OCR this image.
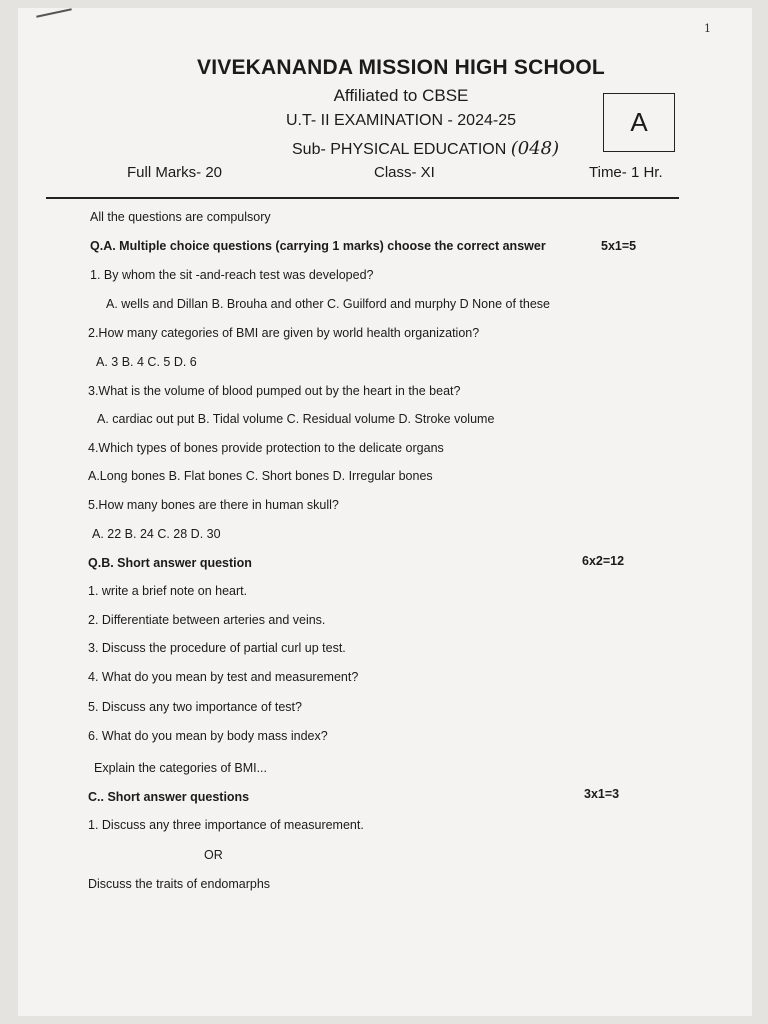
1
VIVEKANANDA MISSION HIGH SCHOOL
Affiliated to CBSE
U.T- II EXAMINATION - 2024-25
Sub- PHYSICAL EDUCATION (048)
A
Full Marks- 20	Class- XI	Time- 1 Hr.
All the questions are compulsory
Q.A. Multiple choice questions (carrying 1 marks) choose the correct answer	5x1=5
1. By whom the sit -and-reach test was developed?
A. wells and Dillan B. Brouha and other C. Guilford and murphy D None of these
2.How many categories of BMI are given by world health organization?
A. 3 B. 4 C. 5 D. 6
3.What is the volume of blood pumped out by the heart in the beat?
A. cardiac out put B. Tidal volume C. Residual volume D. Stroke volume
4.Which types of bones provide protection to the delicate organs
A.Long bones B. Flat bones C. Short bones D. Irregular bones
5.How many bones are there in human skull?
A. 22 B. 24 C. 28 D. 30
Q.B. Short answer question	6x2=12
1. write a brief note on heart.
2. Differentiate between arteries and veins.
3. Discuss the procedure of partial curl up test.
4. What do you mean by test and measurement?
5. Discuss any two importance of test?
6. What do you mean by body mass index?
Explain the categories of BMI...
C.. Short answer questions	3x1=3
1. Discuss any three importance of measurement.
OR
Discuss the traits of endomarphs
